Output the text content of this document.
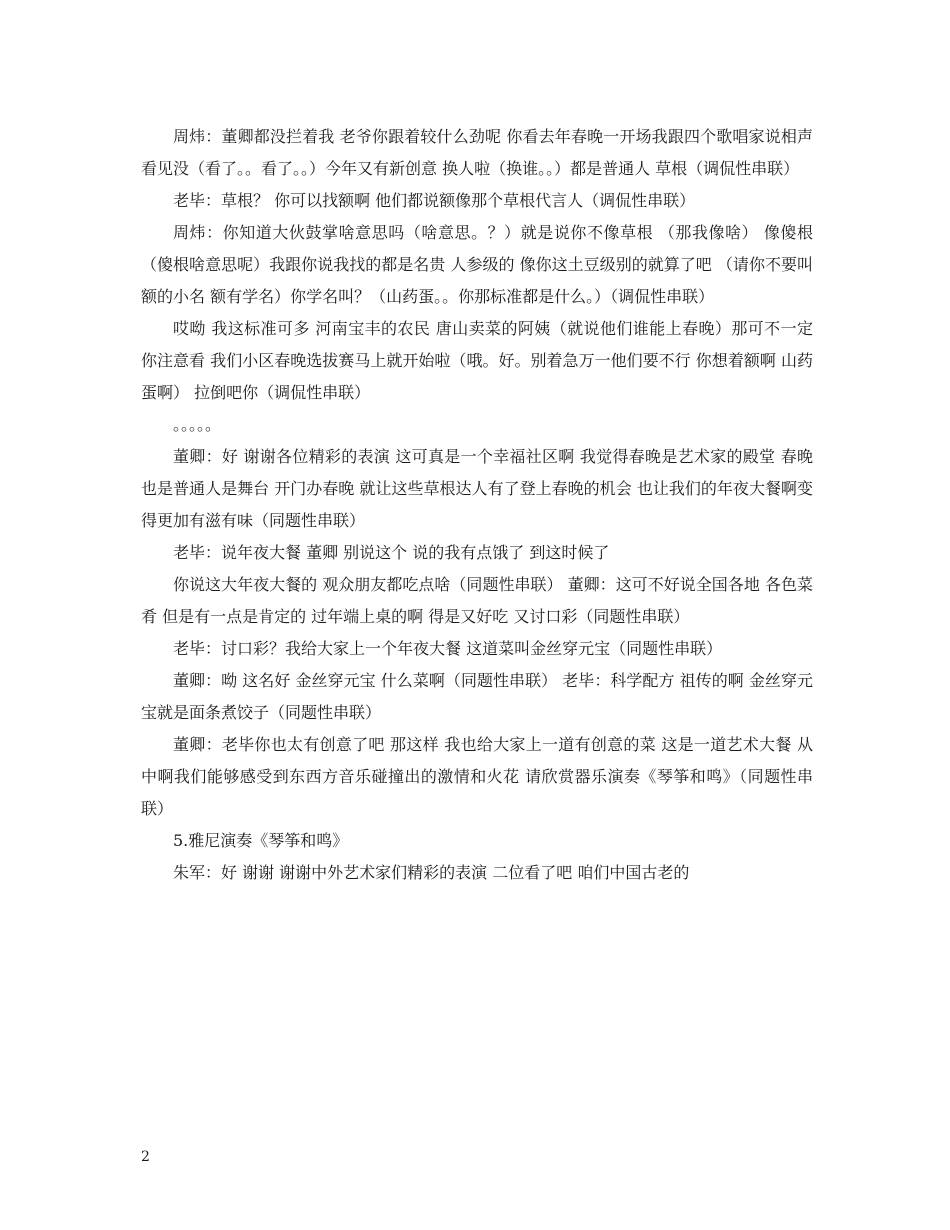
周炜：董卿都没拦着我 老爷你跟着较什么劲呢 你看去年春晚一开场我跟四个歌唱家说相声看见没（看了。。看了。。）今年又有新创意 换人啦（换谁。。）都是普通人 草根（调侃性串联）

老毕：草根？ 你可以找额啊 他们都说额像那个草根代言人（调侃性串联）

周炜：你知道大伙鼓掌啥意思吗（啥意思。？）就是说你不像草根 （那我像啥） 像傻根 （傻根啥意思呢）我跟你说我找的都是名贵 人参级的 像你这土豆级别的就算了吧 （请你不要叫额的小名 额有学名）你学名叫？（山药蛋。。你那标准都是什么。）（调侃性串联）

哎呦 我这标准可多 河南宝丰的农民 唐山卖菜的阿姨（就说他们谁能上春晚）那可不一定 你注意看 我们小区春晚选拔赛马上就开始啦（哦。好。别着急万一他们要不行 你想着额啊 山药蛋啊） 拉倒吧你（调侃性串联）

。。。。。

董卿：好 谢谢各位精彩的表演 这可真是一个幸福社区啊 我觉得春晚是艺术家的殿堂 春晚也是普通人是舞台 开门办春晚 就让这些草根达人有了登上春晚的机会 也让我们的年夜大餐啊变得更加有滋有味（同题性串联）

老毕：说年夜大餐 董卿 别说这个 说的我有点饿了 到这时候了

你说这大年夜大餐的 观众朋友都吃点啥（同题性串联） 董卿：这可不好说全国各地 各色菜肴 但是有一点是肯定的 过年端上桌的啊 得是又好吃 又讨口彩（同题性串联）

老毕：讨口彩？我给大家上一个年夜大餐 这道菜叫金丝穿元宝（同题性串联）

董卿：呦 这名好 金丝穿元宝 什么菜啊（同题性串联） 老毕：科学配方 祖传的啊 金丝穿元宝就是面条煮饺子（同题性串联）

董卿：老毕你也太有创意了吧 那这样 我也给大家上一道有创意的菜 这是一道艺术大餐 从中啊我们能够感受到东西方音乐碰撞出的激情和火花 请欣赏器乐演奏《琴筝和鸣》（同题性串联）

5.雅尼演奏《琴筝和鸣》

朱军：好 谢谢 谢谢中外艺术家们精彩的表演 二位看了吧 咱们中国古老的

2
